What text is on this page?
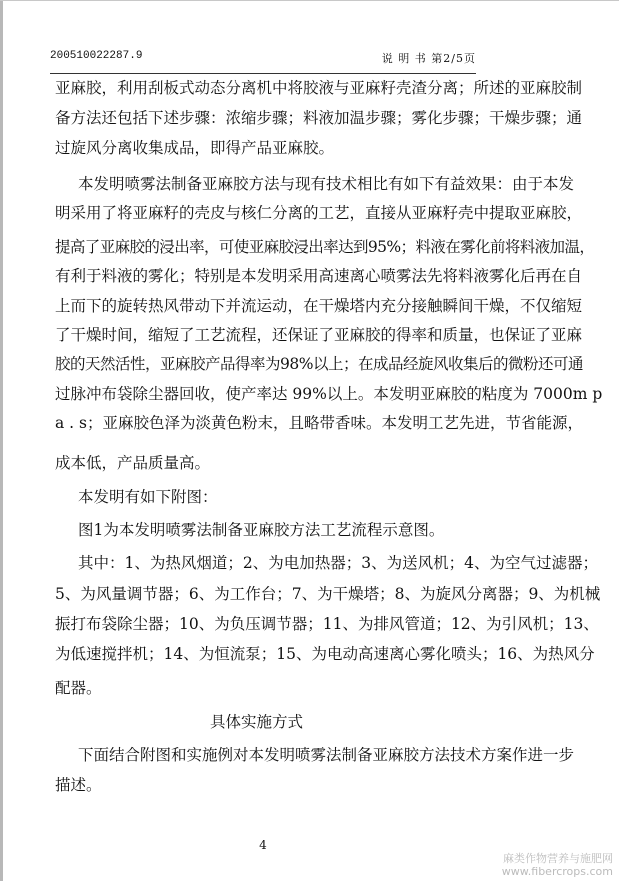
200510022287.9	说 明 书 第2/5页
亚麻胶，利用刮板式动态分离机中将胶液与亚麻籽壳渣分离；所述的亚麻胶制
备方法还包括下述步骤：浓缩步骤；料液加温步骤；雾化步骤；干燥步骤；通
过旋风分离收集成品，即得产品亚麻胶。
本发明喷雾法制备亚麻胶方法与现有技术相比有如下有益效果：由于本发
明采用了将亚麻籽的壳皮与核仁分离的工艺，直接从亚麻籽壳中提取亚麻胶，
提高了亚麻胶的浸出率，可使亚麻胶浸出率达到95%；料液在雾化前将料液加温，
有利于料液的雾化；特别是本发明采用高速离心喷雾法先将料液雾化后再在自
上而下的旋转热风带动下并流运动，在干燥塔内充分接触瞬间干燥，不仅缩短
了干燥时间，缩短了工艺流程，还保证了亚麻胶的得率和质量，也保证了亚麻
胶的天然活性，亚麻胶产品得率为98%以上；在成品经旋风收集后的微粉还可通
过脉冲布袋除尘器回收，使产率达 99%以上。本发明亚麻胶的粘度为 7000m p
a . s；亚麻胶色泽为淡黄色粉末，且略带香味。本发明工艺先进，节省能源，
成本低，产品质量高。
本发明有如下附图：
图1为本发明喷雾法制备亚麻胶方法工艺流程示意图。
其中：1、为热风烟道；2、为电加热器；3、为送风机；4、为空气过滤器；
5、为风量调节器；6、为工作台；7、为干燥塔；8、为旋风分离器；9、为机械
振打布袋除尘器；10、为负压调节器；11、为排风管道；12、为引风机；13、
为低速搅拌机；14、为恒流泵；15、为电动高速离心雾化喷头；16、为热风分
配器。
具体实施方式
下面结合附图和实施例对本发明喷雾法制备亚麻胶方法技术方案作进一步
描述。
4
麻类作物营养与施肥网
www.fibercrops.com
